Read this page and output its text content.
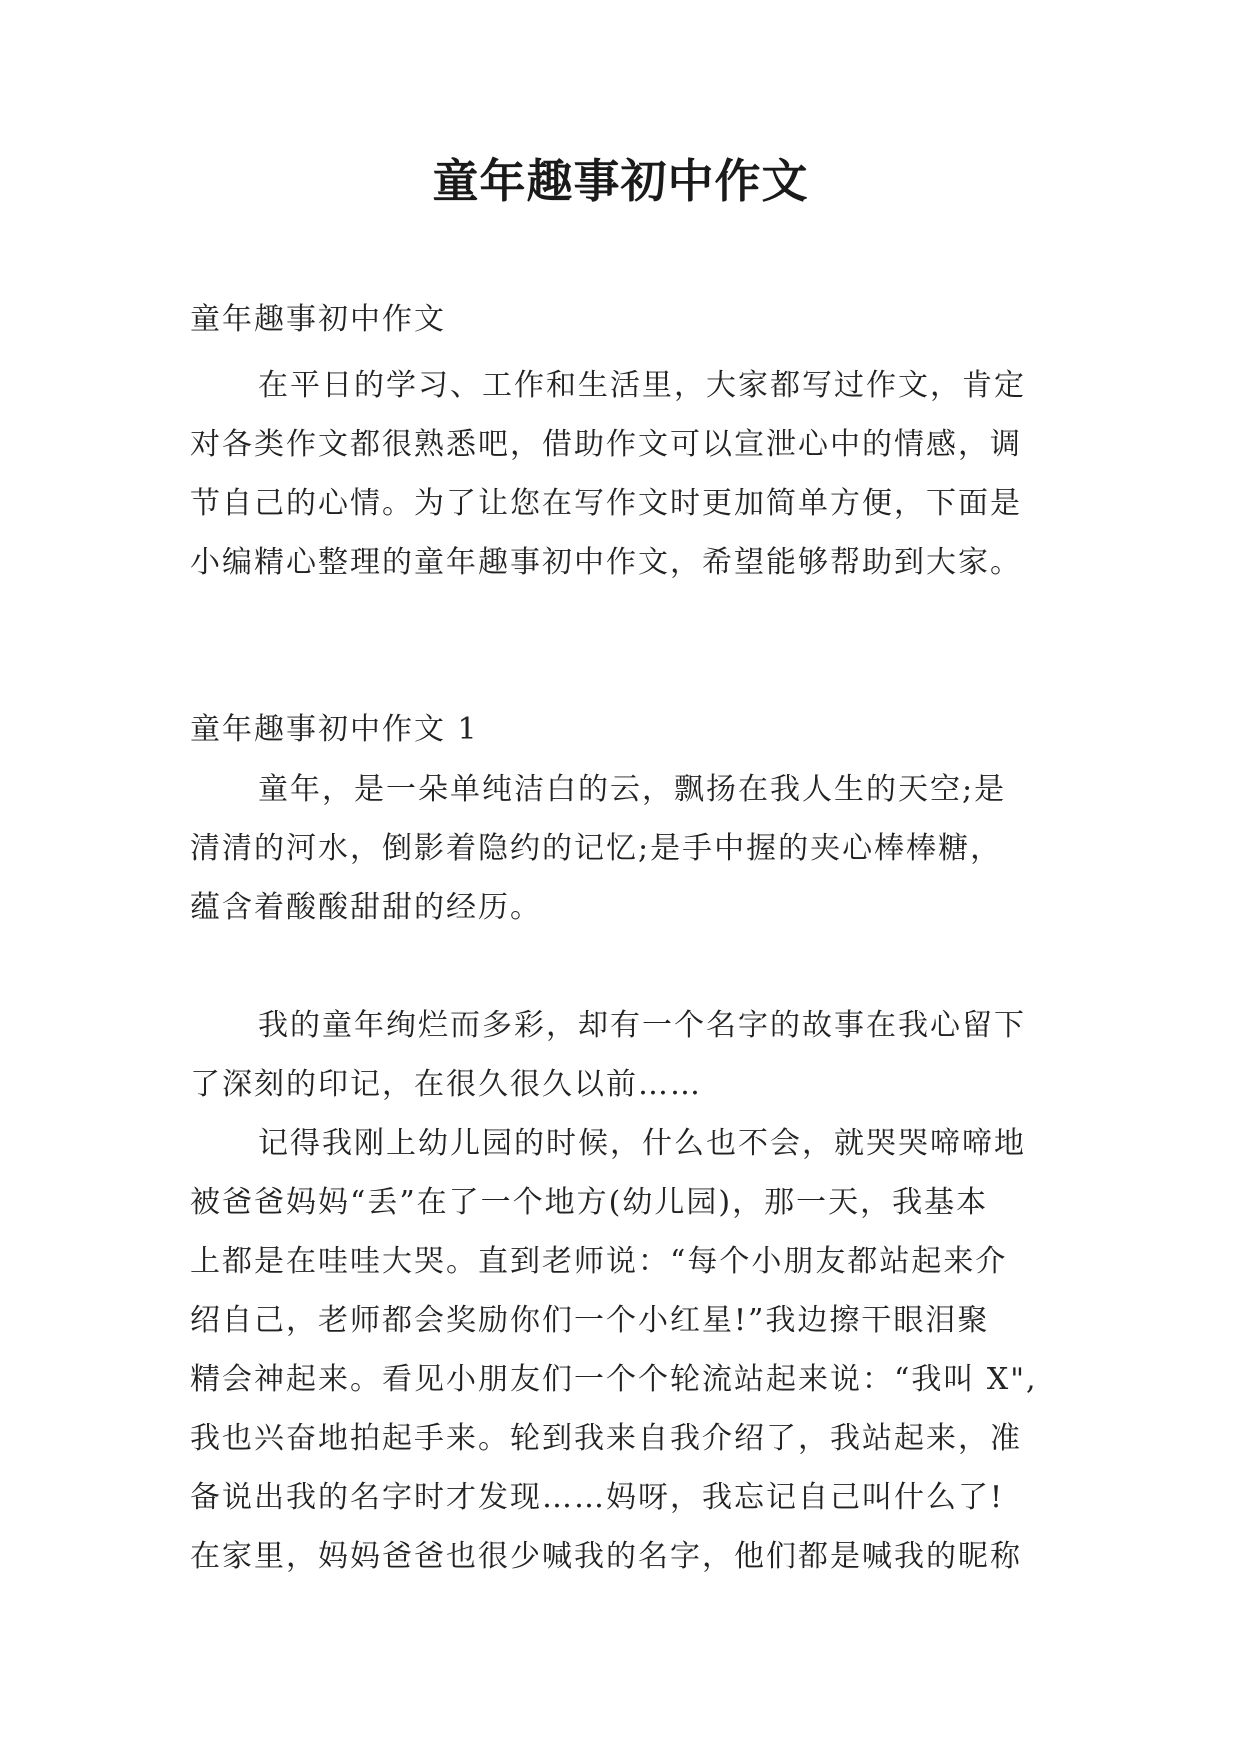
童年趣事初中作文
童年趣事初中作文
在平日的学习、工作和生活里，大家都写过作文，肯定
对各类作文都很熟悉吧，借助作文可以宣泄心中的情感，调
节自己的心情。为了让您在写作文时更加简单方便，下面是
小编精心整理的童年趣事初中作文，希望能够帮助到大家。
童年趣事初中作文 1
童年，是一朵单纯洁白的云，飘扬在我人生的天空;是
清清的河水，倒影着隐约的记忆;是手中握的夹心棒棒糖，
蕴含着酸酸甜甜的经历。
我的童年绚烂而多彩，却有一个名字的故事在我心留下
了深刻的印记，在很久很久以前……
记得我刚上幼儿园的时候，什么也不会，就哭哭啼啼地
被爸爸妈妈“丢”在了一个地方(幼儿园)，那一天，我基本
上都是在哇哇大哭。直到老师说：“每个小朋友都站起来介
绍自己，老师都会奖励你们一个小红星!”我边擦干眼泪聚
精会神起来。看见小朋友们一个个轮流站起来说：“我叫 X",
我也兴奋地拍起手来。轮到我来自我介绍了，我站起来，准
备说出我的名字时才发现……妈呀，我忘记自己叫什么了!
在家里，妈妈爸爸也很少喊我的名字，他们都是喊我的昵称
